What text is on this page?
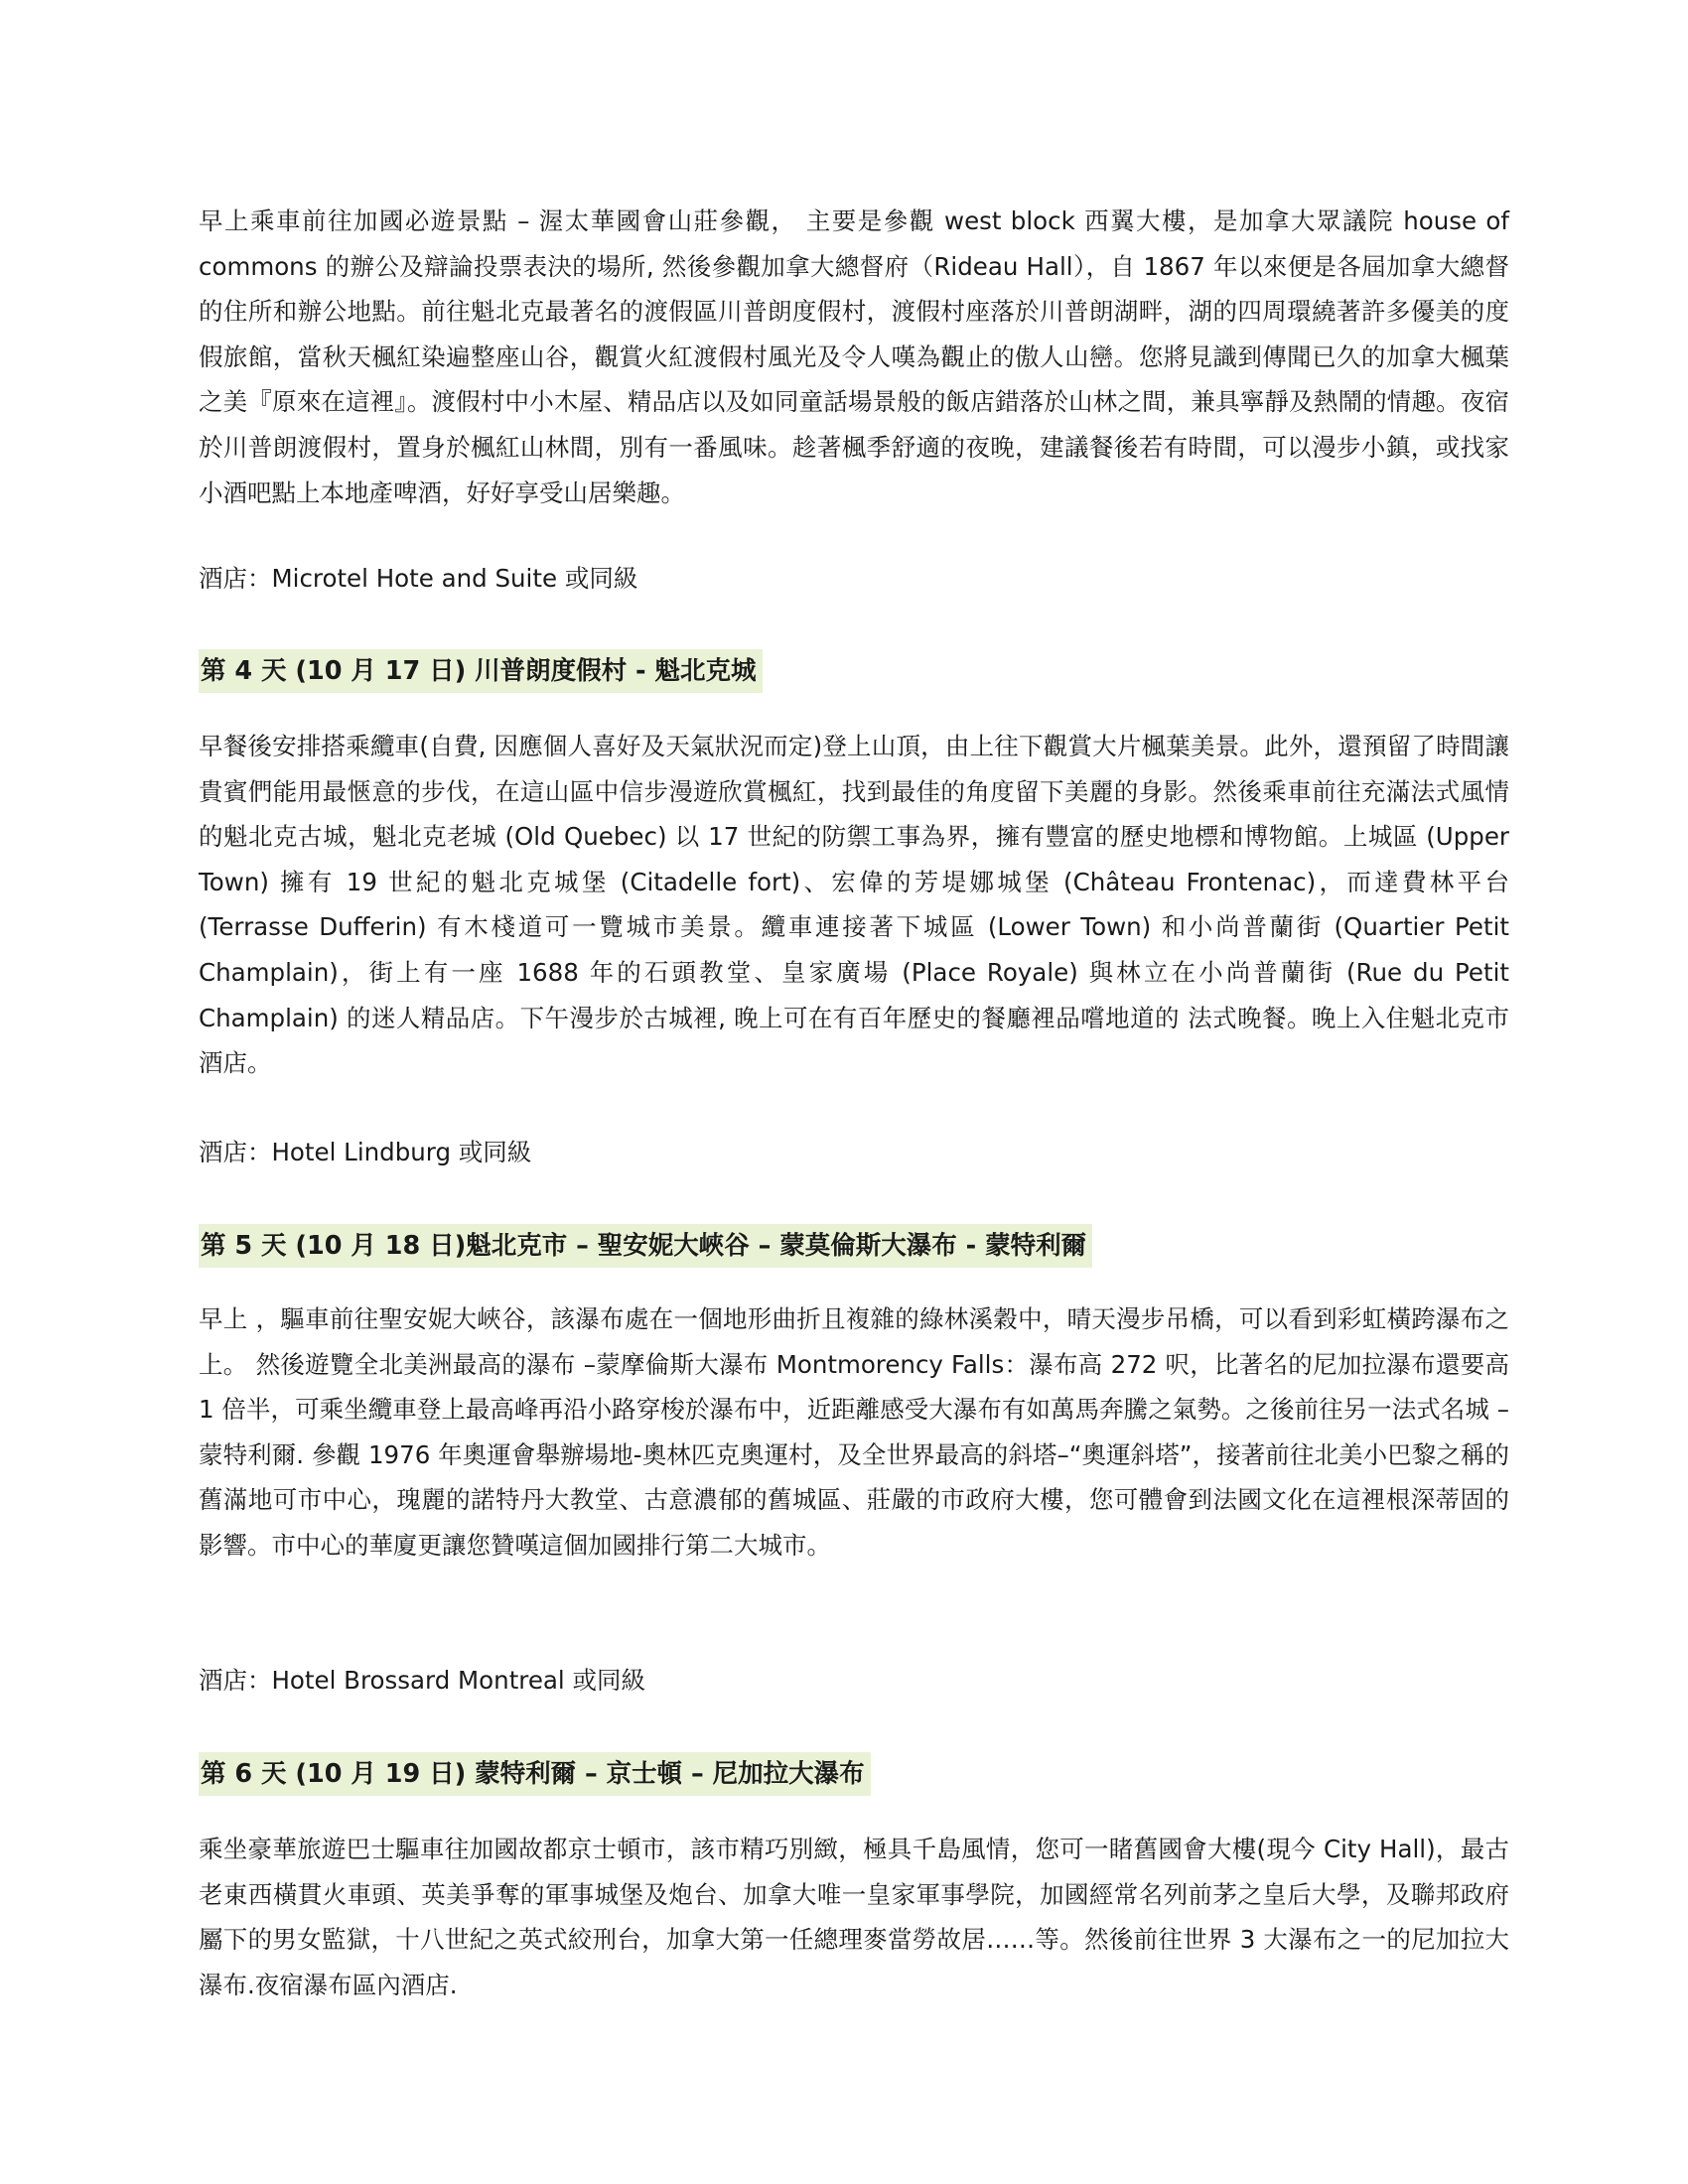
早上乘車前往加國必遊景點 – 渥太華國會山莊參觀， 主要是參觀 west block 西翼大樓，是加拿大眾議院 house of commons 的辦公及辯論投票表決的場所, 然後參觀加拿大總督府（Rideau Hall），自 1867 年以來便是各屆加拿大總督的住所和辦公地點。前往魁北克最著名的渡假區川普朗度假村，渡假村座落於川普朗湖畔，湖的四周環繞著許多優美的度假旅館，當秋天楓紅染遍整座山谷，觀賞火紅渡假村風光及令人嘆為觀止的傲人山巒。您將見識到傳聞已久的加拿大楓葉之美『原來在這裡』。渡假村中小木屋、精品店以及如同童話場景般的飯店錯落於山林之間，兼具寧靜及熱鬧的情趣。夜宿於川普朗渡假村，置身於楓紅山林間，別有一番風味。趁著楓季舒適的夜晚，建議餐後若有時間，可以漫步小鎮，或找家小酒吧點上本地產啤酒，好好享受山居樂趣。

酒店：Microtel Hote and Suite 或同級

第 4 天 (10 月 17 日) 川普朗度假村 - 魁北克城

早餐後安排搭乘纜車(自費, 因應個人喜好及天氣狀況而定)登上山頂，由上往下觀賞大片楓葉美景。此外，還預留了時間讓貴賓們能用最愜意的步伐，在這山區中信步漫遊欣賞楓紅，找到最佳的角度留下美麗的身影。然後乘車前往充滿法式風情的魁北克古城，魁北克老城 (Old Quebec) 以 17 世紀的防禦工事為界，擁有豐富的歷史地標和博物館。上城區 (Upper Town) 擁有 19 世紀的魁北克城堡 (Citadelle fort)、宏偉的芳堤娜城堡 (Château Frontenac)，而達費林平台 (Terrasse Dufferin) 有木棧道可一覽城市美景。纜車連接著下城區 (Lower Town) 和小尚普蘭街 (Quartier Petit Champlain)，街上有一座 1688 年的石頭教堂、皇家廣場 (Place Royale) 與林立在小尚普蘭街 (Rue du Petit Champlain) 的迷人精品店。下午漫步於古城裡, 晚上可在有百年歷史的餐廳裡品嚐地道的 法式晚餐。晚上入住魁北克市酒店。

酒店：Hotel Lindburg 或同級

第 5 天 (10 月 18 日)魁北克市 – 聖安妮大峽谷 – 蒙莫倫斯大瀑布 - 蒙特利爾

早上 ，驅車前往聖安妮大峽谷，該瀑布處在一個地形曲折且複雜的綠林溪穀中，晴天漫步吊橋，可以看到彩虹橫跨瀑布之上。 然後遊覽全北美洲最高的瀑布 –蒙摩倫斯大瀑布 Montmorency Falls：瀑布高 272 呎，比著名的尼加拉瀑布還要高 1 倍半，可乘坐纜車登上最高峰再沿小路穿梭於瀑布中，近距離感受大瀑布有如萬馬奔騰之氣勢。之後前往另一法式名城 – 蒙特利爾. 參觀 1976 年奧運會舉辦場地-奧林匹克奧運村，及全世界最高的斜塔–“奧運斜塔”，接著前往北美小巴黎之稱的舊滿地可市中心，瑰麗的諾特丹大教堂、古意濃郁的舊城區、莊嚴的市政府大樓，您可體會到法國文化在這裡根深蒂固的影響。市中心的華廈更讓您贊嘆這個加國排行第二大城市。

酒店：Hotel Brossard Montreal 或同級

第 6 天 (10 月 19 日) 蒙特利爾 – 京士頓 – 尼加拉大瀑布

乘坐豪華旅遊巴士驅車往加國故都京士頓市，該市精巧別緻，極具千島風情，您可一睹舊國會大樓(現今 City Hall)，最古老東西橫貫火車頭、英美爭奪的軍事城堡及炮台、加拿大唯一皇家軍事學院，加國經常名列前茅之皇后大學，及聯邦政府屬下的男女監獄，十八世紀之英式絞刑台，加拿大第一任總理麥當勞故居……等。然後前往世界 3 大瀑布之一的尼加拉大瀑布.夜宿瀑布區內酒店.
